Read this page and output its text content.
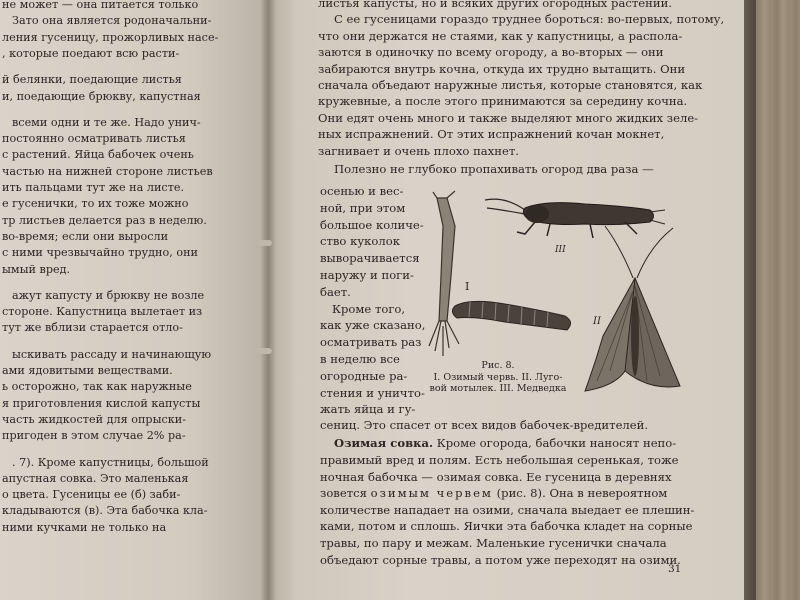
не может — она питается только
Зато она является родоначальни-
ления гусеницу, прожорливых насе-
, которые поедают всю расти-
й белянки, поедающие листья
и, поедающие брюкву, капустная
всеми одни и те же. Надо унич-
постоянно осматривать листья
с растений. Яйца бабочек очень
частью на нижней стороне листьев
ить пальцами тут же на листе.
е гусенички, то их тоже можно
тр листьев делается раз в неделю.
во-время; если они выросли
с ними чрезвычайно трудно, они
ымый вред.
ажут капусту и брюкву не возле
стороне. Капустница вылетает из
тут же вблизи старается отло-
ыскивать рассаду и начинающую
ами ядовитыми веществами.
ь осторожно, так как наружные
я приготовления кислой капусты
часть жидкостей для опрыски-
пригоден в этом случае 2% ра-
. 7). Кроме капустницы, большой
апустная совка. Это маленькая
о цвета. Гусеницы ее (б) заби-
кладываются (в). Эта бабочка кла-
ними кучками не только на
листья капусты, но и всяких других огородных растений.
С ее гусеницами гораздо труднее бороться: во-первых, потому,
что они держатся не стаями, как у капустницы, а распола-
заются в одиночку по всему огороду, а во-вторых — они
забираются внутрь кочна, откуда их трудно вытащить. Они
сначала объедают наружные листья, которые становятся, как
кружевные, а после этого принимаются за середину кочна.
Они едят очень много и также выделяют много жидких зеле-
ных испражнений. От этих испражнений кочан мокнет,
загнивает и очень плохо пахнет.
Полезно не глубоко пропахивать огород два раза —
осенью и вес-
ной, при этом
большое количе-
ство куколок
выворачивается
наружу и поги-
бает.
Кроме того,
как уже сказано,
осматривать раз
в неделю все
огородные ра-
стения и уничто-
жать яйца и гу-
сениц. Это спасет от всех видов бабочек-вредителей.
Озимая совка. Кроме огорода, бабочки наносят непо-
правимый вред и полям. Есть небольшая серенькая, тоже
ночная бабочка — озимая совка. Ее гусеница в деревнях
зовется озимым червем (рис. 8). Она в невероятном
количестве нападает на озими, сначала выедает ее плешин-
ками, потом и сплошь. Яички эта бабочка кладет на сорные
травы, по пару и межам. Маленькие гусенички сначала
объедают сорные травы, а потом уже переходят на озими.
I
II
III
Рис. 8.
I. Озимый червь. II. Луго-
вой мотылек. III. Медведка
31
